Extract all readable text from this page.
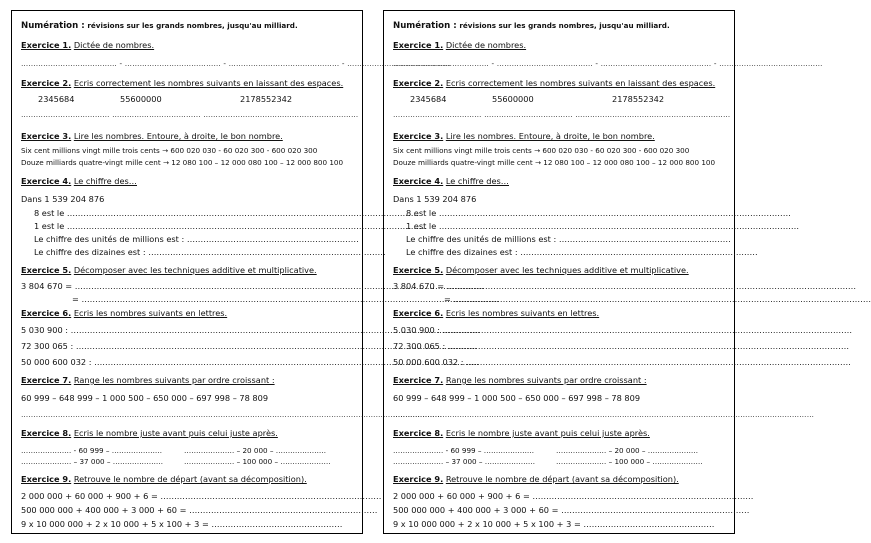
Numération : révisions sur les grands nombres, jusqu'au milliard.
Exercice 1. Dictée de nombres.
………………………………… - ………………………………… - ……………………………………… - ……………………………………
Exercice 2. Ecris correctement les nombres suivants en laissant des espaces.
2345684	55600000	2178552342
……………………………… ……………………………… ………………………………………………………
Exercice 3. Lire les nombres. Entoure, à droite, le bon nombre.
Six cent millions vingt mille trois cents → 600 020 030 - 60 020 300 - 600 020 300
Douze milliards quatre-vingt mille cent → 12 080 100 – 12 000 080 100 – 12 000 800 100
Exercice 4. Le chiffre des…
Dans 1 539 204 876
8 est le …………………………………………………………………………………………………………………
1 est le ……………………………………………………………………………………………………………………
Le chiffre des unités de millions est : ………………………………………………………
Le chiffre des dizaines est : ……………………………………………………………………………
Exercice 5. Décomposer avec les techniques additive et multiplicative.
3 804 670 = ……………………………………………………………………………………………………………………………………
= ………………………………………………………………………………………………………………………………………
Exercice 6. Ecris les nombres suivants en lettres.
5 030 900 : ……………………………………………………………………………………………………………………………………
72 300 065 : …………………………………………………………………………………………………………………………………
50 000 600 032 : ……………………………………………………………………………………………………………………………
Exercice 7. Range les nombres suivants par ordre croissant :
60 999 – 648 999 – 1 000 500 – 650 000 – 697 998 – 78 809
………………………………………………………………………………………………………………………………………………………
Exercice 8. Ecris le nombre juste avant puis celui juste après.
………………… - 60 999 – …………………	………………… – 20 000 – …………………
………………… – 37 000 – …………………	………………… – 100 000 – …………………
Exercice 9. Retrouve le nombre de départ (avant sa décomposition).
2 000 000 + 60 000 + 900 + 6 = ………………………………………………………………………
500 000 000 + 400 000 + 3 000 + 60 = ……………………………………………………………
9 x 10 000 000 + 2 x 10 000 + 5 x 100 + 3 = …………………………………………
Numération : révisions sur les grands nombres, jusqu'au milliard.
Exercice 1. Dictée de nombres.
………………………………… - ………………………………… - ……………………………………… - ……………………………………
Exercice 2. Ecris correctement les nombres suivants en laissant des espaces.
2345684	55600000	2178552342
……………………………… ……………………………… ………………………………………………………
Exercice 3. Lire les nombres. Entoure, à droite, le bon nombre.
Six cent millions vingt mille trois cents → 600 020 030 - 60 020 300 - 600 020 300
Douze milliards quatre-vingt mille cent → 12 080 100 – 12 000 080 100 – 12 000 800 100
Exercice 4. Le chiffre des…
Dans 1 539 204 876
8 est le …………………………………………………………………………………………………………………
1 est le ……………………………………………………………………………………………………………………
Le chiffre des unités de millions est : ………………………………………………………
Le chiffre des dizaines est : ……………………………………………………………………………
Exercice 5. Décomposer avec les techniques additive et multiplicative.
3 804 670 = ……………………………………………………………………………………………………………………………………
= ………………………………………………………………………………………………………………………………………
Exercice 6. Ecris les nombres suivants en lettres.
5 030 900 : ……………………………………………………………………………………………………………………………………
72 300 065 : …………………………………………………………………………………………………………………………………
50 000 600 032 : ……………………………………………………………………………………………………………………………
Exercice 7. Range les nombres suivants par ordre croissant :
60 999 – 648 999 – 1 000 500 – 650 000 – 697 998 – 78 809
………………………………………………………………………………………………………………………………………………………
Exercice 8. Ecris le nombre juste avant puis celui juste après.
………………… - 60 999 – …………………	………………… – 20 000 – …………………
………………… – 37 000 – …………………	………………… – 100 000 – …………………
Exercice 9. Retrouve le nombre de départ (avant sa décomposition).
2 000 000 + 60 000 + 900 + 6 = ………………………………………………………………………
500 000 000 + 400 000 + 3 000 + 60 = ……………………………………………………………
9 x 10 000 000 + 2 x 10 000 + 5 x 100 + 3 = …………………………………………
